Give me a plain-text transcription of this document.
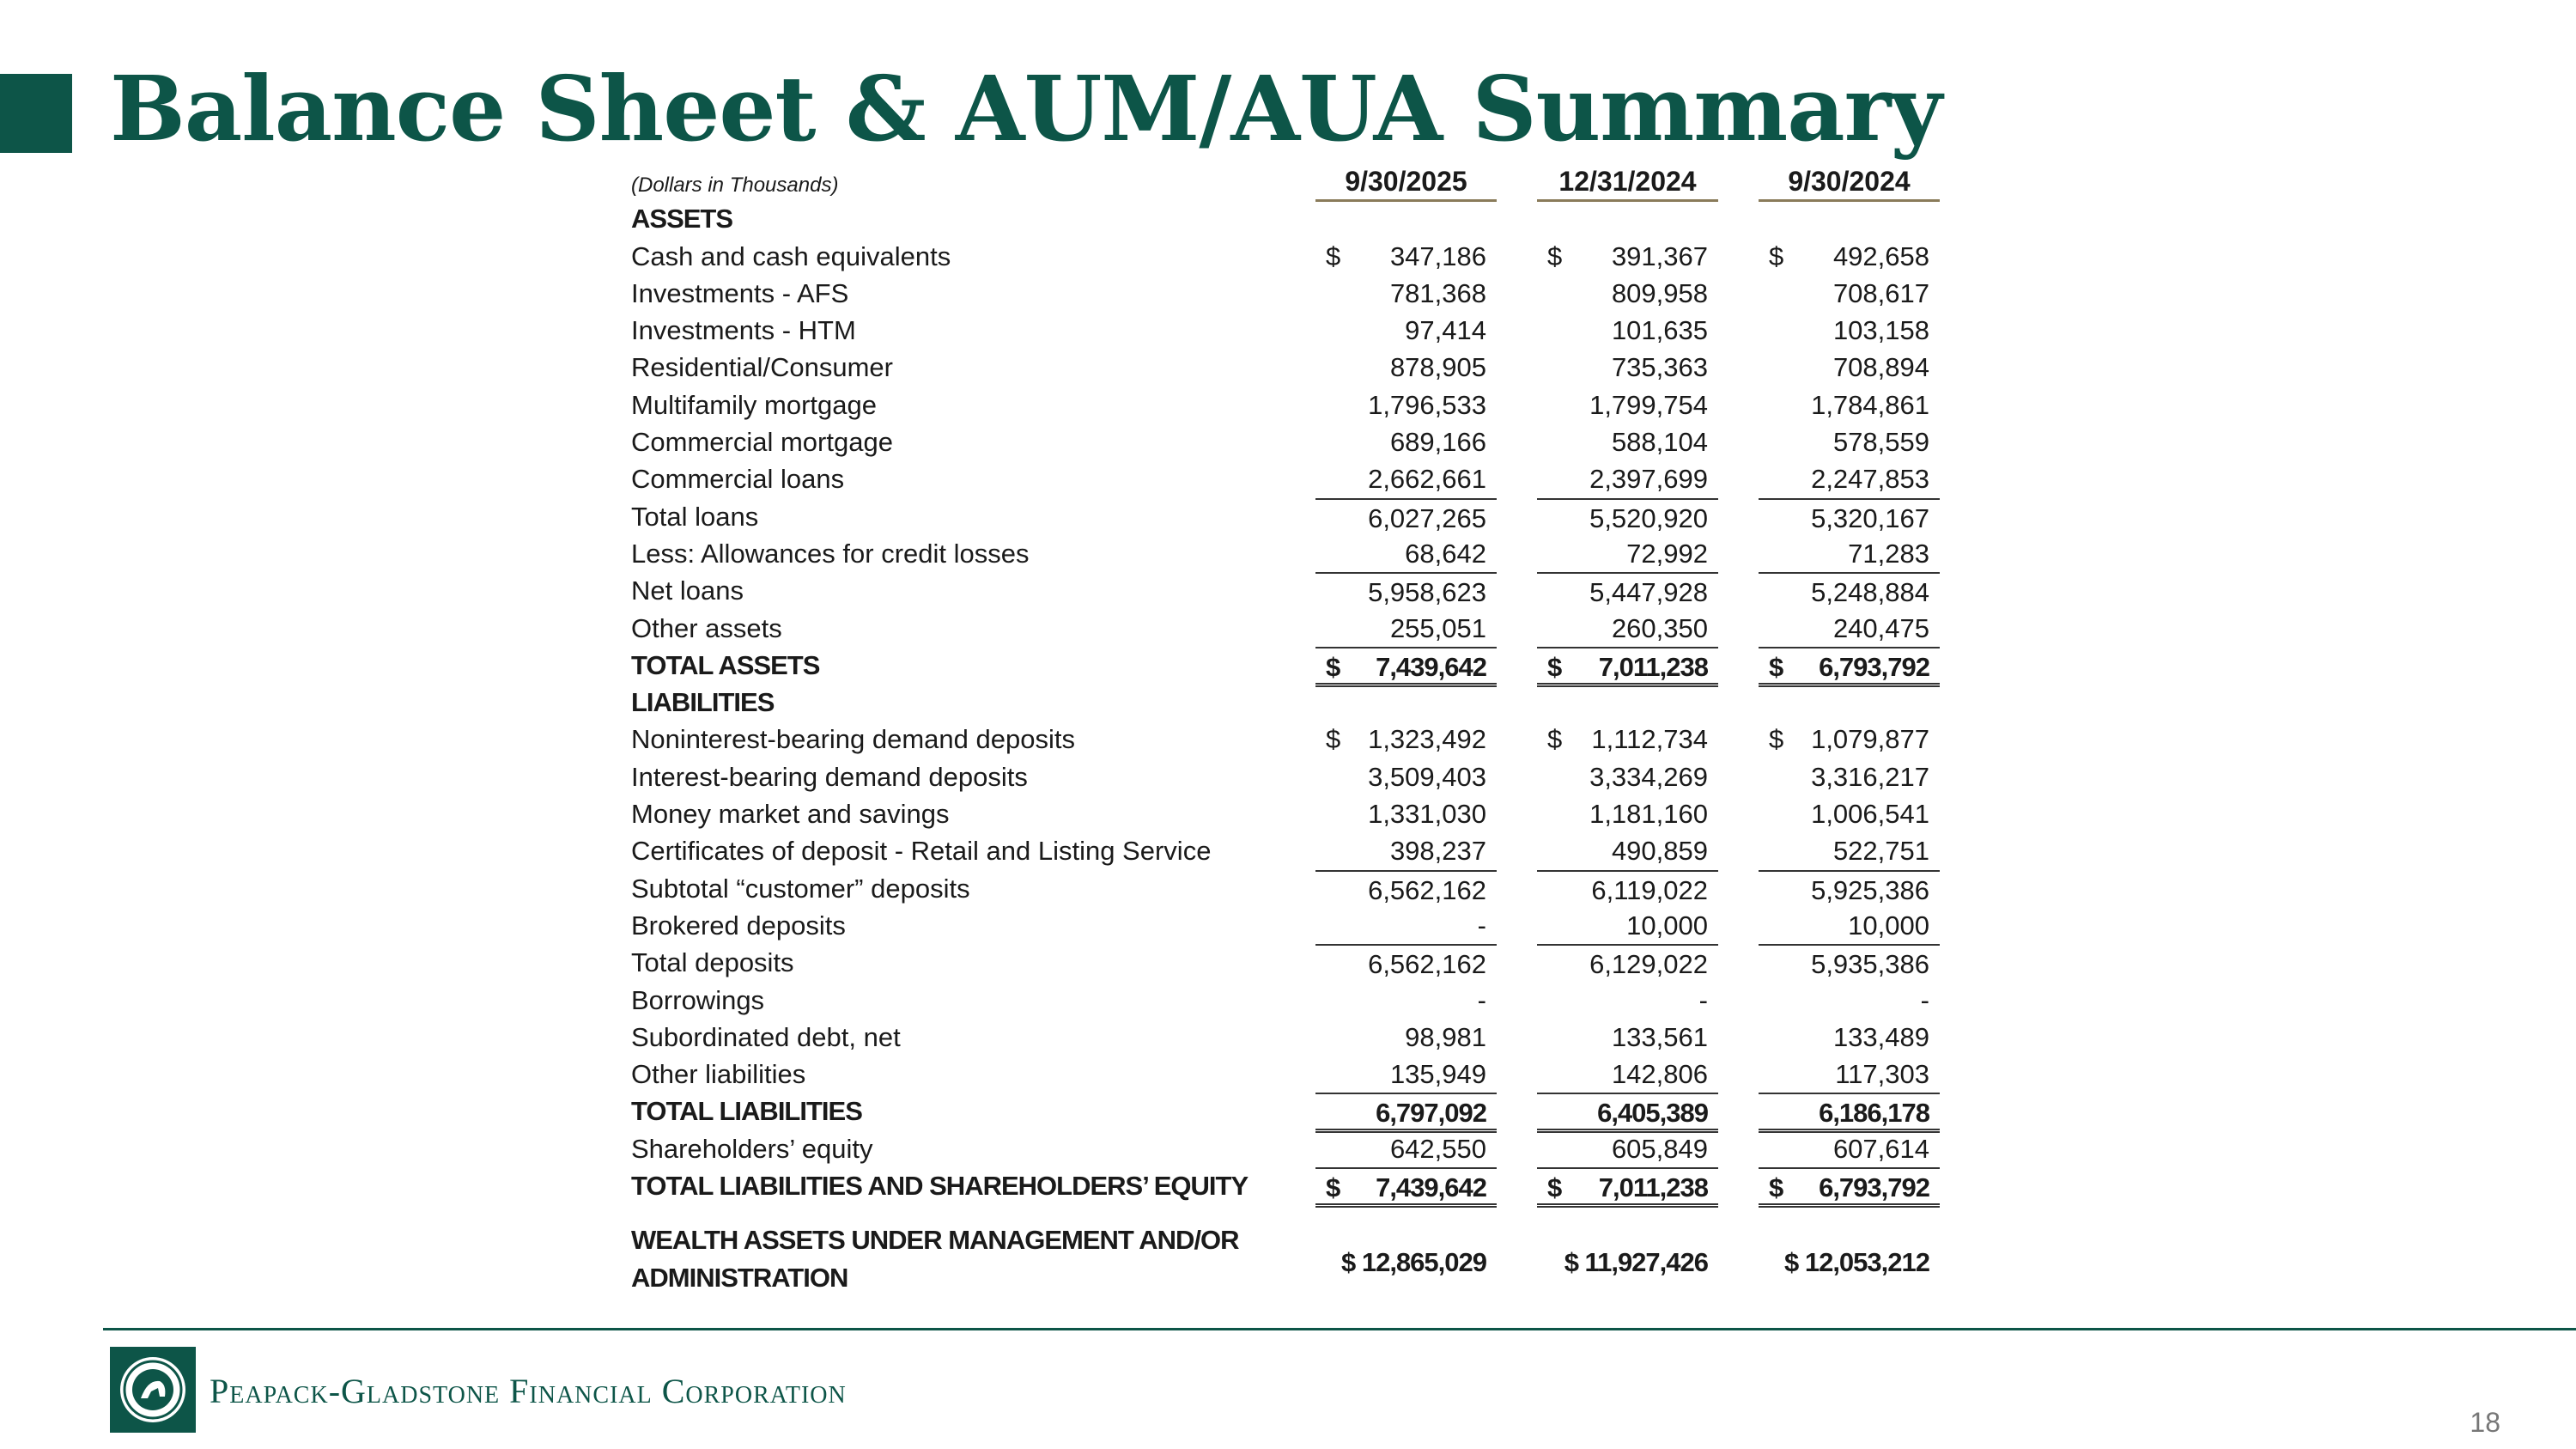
Balance Sheet & AUM/AUA Summary
(Dollars in Thousands)	9/30/2025	12/31/2024	9/30/2024
ASSETS
Cash and cash equivalents	$ 347,186 $ 391,367 $ 492,658
Investments - AFS	781,368	809,958	708,617
Investments - HTM	97,414	101,635	103,158
Residential/Consumer	878,905	735,363	708,894
Multifamily mortgage	1,796,533	1,799,754	1,784,861
Commercial mortgage	689,166	588,104	578,559
Commercial loans	2,662,661	2,397,699	2,247,853
Total loans	6,027,265	5,520,920	5,320,167
Less: Allowances for credit losses	68,642	72,992	71,283
Net loans	5,958,623	5,447,928	5,248,884
Other assets	255,051	260,350	240,475
TOTAL ASSETS	$ 7,439,642 $ 7,011,238 $ 6,793,792
LIABILITIES
Noninterest-bearing demand deposits	$ 1,323,492 $ 1,112,734 $ 1,079,877
Interest-bearing demand deposits	3,509,403	3,334,269	3,316,217
Money market and savings	1,331,030	1,181,160	1,006,541
Certificates of deposit - Retail and Listing Service	398,237	490,859	522,751
Subtotal “customer” deposits	6,562,162	6,119,022	5,925,386
Brokered deposits	-	10,000	10,000
Total deposits	6,562,162	6,129,022	5,935,386
Borrowings	-	-	-
Subordinated debt, net	98,981	133,561	133,489
Other liabilities	135,949	142,806	117,303
TOTAL LIABILITIES	6,797,092	6,405,389	6,186,178
Shareholders’ equity	642,550	605,849	607,614
TOTAL LIABILITIES AND SHAREHOLDERS’ EQUITY	$ 7,439,642 $ 7,011,238 $ 6,793,792
WEALTH ASSETS UNDER MANAGEMENT AND/OR
ADMINISTRATION
$ 12,865,029	$ 11,927,426	$ 12,053,212
Peapack-Gladstone Financial Corporation
18
